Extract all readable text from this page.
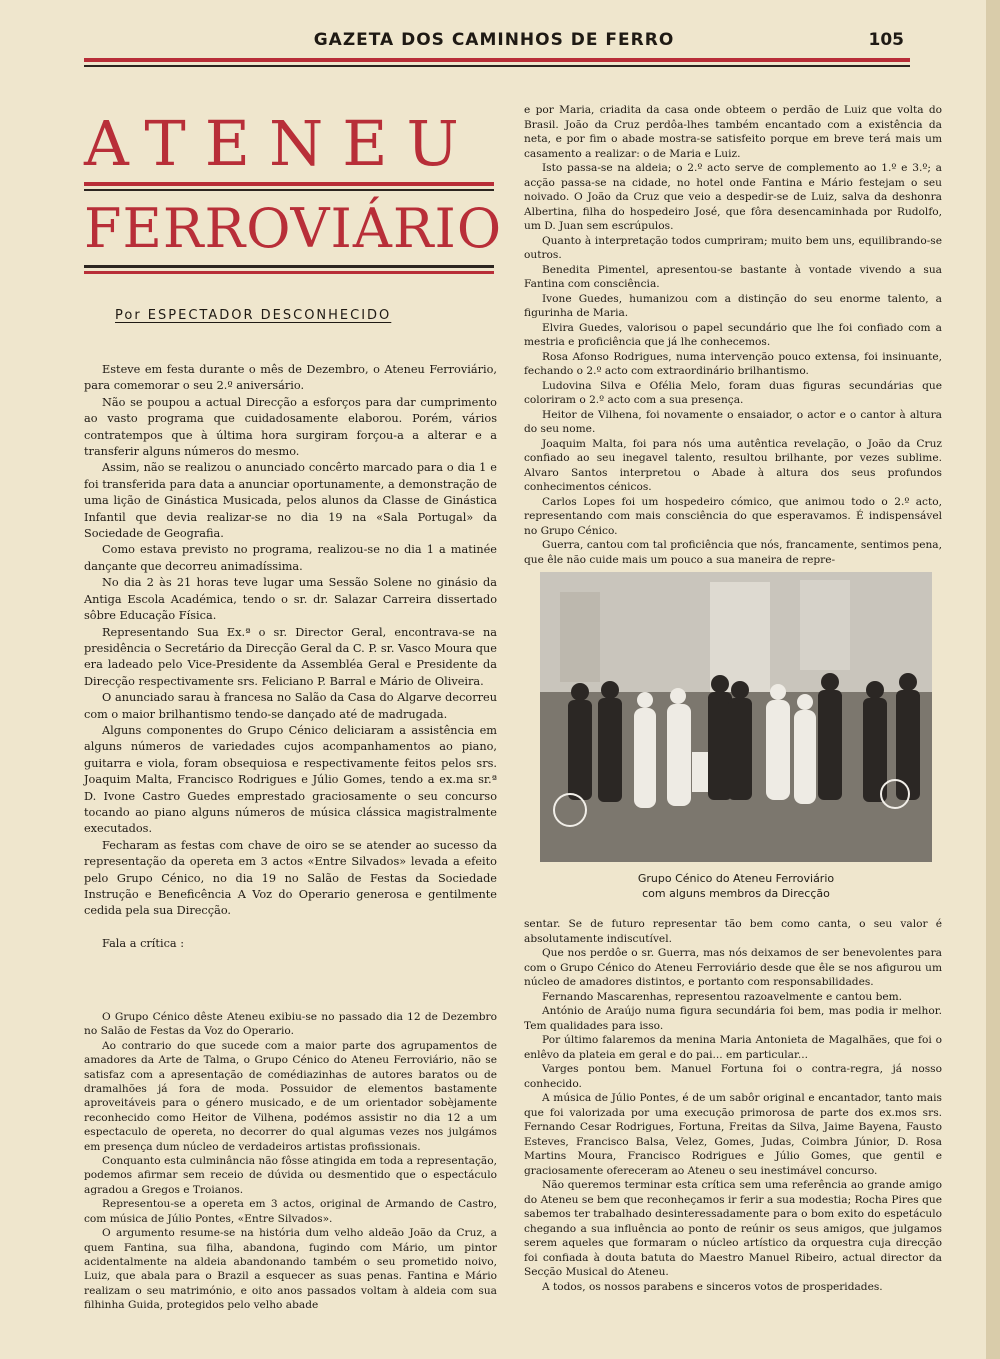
GAZETA DOS CAMINHOS DE FERRO	105
ATENEU
FERROVIÁRIO
Por ESPECTADOR DESCONHECIDO

Esteve em festa durante o mês de Dezembro, o Ateneu Ferroviário, para comemorar o seu 2.º aniversário.

Não se poupou a actual Direcção a esforços para dar cumprimento ao vasto programa que cuidadosamente elaborou. Porém, vários contratempos que à última hora surgiram forçou-a a alterar e a transferir alguns números do mesmo.

Assim, não se realizou o anunciado concêrto marcado para o dia 1 e foi transferida para data a anunciar oportunamente, a demonstração de uma lição de Ginástica Musicada, pelos alunos da Classe de Ginástica Infantil que devia realizar-se no dia 19 na «Sala Portugal» da Sociedade de Geografia.

Como estava previsto no programa, realizou-se no dia 1 a matinée dançante que decorreu animadíssima.

No dia 2 às 21 horas teve lugar uma Sessão Solene no ginásio da Antiga Escola Académica, tendo o sr. dr. Salazar Carreira dissertado sôbre Educação Física.

Representando Sua Ex.ª o sr. Director Geral, encontrava-se na presidência o Secretário da Direcção Geral da C. P. sr. Vasco Moura que era ladeado pelo Vice-Presidente da Assembléa Geral e Presidente da Direcção respectivamente srs. Feliciano P. Barral e Mário de Oliveira.

O anunciado sarau à francesa no Salão da Casa do Algarve decorreu com o maior brilhantismo tendo-se dançado até de madrugada.

Alguns componentes do Grupo Cénico deliciaram a assistência em alguns números de variedades cujos acompanhamentos ao piano, guitarra e viola, foram obsequiosa e respectivamente feitos pelos srs. Joaquim Malta, Francisco Rodrigues e Júlio Gomes, tendo a ex.ma sr.ª D. Ivone Castro Guedes emprestado graciosamente o seu concurso tocando ao piano alguns números de música clássica magistralmente executados.

Fecharam as festas com chave de oiro se se atender ao sucesso da representação da opereta em 3 actos «Entre Silvados» levada a efeito pelo Grupo Cénico, no dia 19 no Salão de Festas da Sociedade Instrução e Beneficência A Voz do Operario generosa e gentilmente cedida pela sua Direcção.

Fala a crítica :

O Grupo Cénico dêste Ateneu exibiu-se no passado dia 12 de Dezembro no Salão de Festas da Voz do Operario.

Ao contrario do que sucede com a maior parte dos agrupamentos de amadores da Arte de Talma, o Grupo Cénico do Ateneu Ferroviário, não se satisfaz com a apresentação de comédiazinhas de autores baratos ou de dramalhões já fora de moda. Possuidor de elementos bastamente aproveitáveis para o género musicado, e de um orientador sobèjamente reconhecido como Heitor de Vilhena, podémos assistir no dia 12 a um espectaculo de opereta, no decorrer do qual algumas vezes nos julgámos em presença dum núcleo de verdadeiros artistas profissionais.

Conquanto esta culminância não fôsse atingida em toda a representação, podemos afirmar sem receio de dúvida ou desmentido que o espectáculo agradou a Gregos e Troianos.

Representou-se a opereta em 3 actos, original de Armando de Castro, com música de Júlio Pontes, «Entre Silvados».

O argumento resume-se na história dum velho aldeão João da Cruz, a quem Fantina, sua filha, abandona, fugindo com Mário, um pintor acidentalmente na aldeia abandonando também o seu prometido noivo, Luiz, que abala para o Brazil a esquecer as suas penas. Fantina e Mário realizam o seu matrimónio, e oito anos passados voltam à aldeia com sua filhinha Guida, protegidos pelo velho abade

e por Maria, criadita da casa onde obteem o perdão de Luiz que volta do Brasil. João da Cruz perdôa-lhes também encantado com a existência da neta, e por fim o abade mostra-se satisfeito porque em breve terá mais um casamento a realizar: o de Maria e Luiz.

Isto passa-se na aldeia; o 2.º acto serve de complemento ao 1.º e 3.º; a acção passa-se na cidade, no hotel onde Fantina e Mário festejam o seu noivado. O João da Cruz que veio a despedir-se de Luiz, salva da deshonra Albertina, filha do hospedeiro José, que fôra desencaminhada por Rudolfo, um D. Juan sem escrúpulos.

Quanto à interpretação todos cumpriram; muito bem uns, equilibrando-se outros.

Benedita Pimentel, apresentou-se bastante à vontade vivendo a sua Fantina com consciência.

Ivone Guedes, humanizou com a distinção do seu enorme talento, a figurinha de Maria.

Elvira Guedes, valorisou o papel secundário que lhe foi confiado com a mestria e proficiência que já lhe conhecemos.

Rosa Afonso Rodrigues, numa intervenção pouco extensa, foi insinuante, fechando o 2.º acto com extraordinário brilhantismo.

Ludovina Silva e Ofélia Melo, foram duas figuras secundárias que coloriram o 2.º acto com a sua presença.

Heitor de Vilhena, foi novamente o ensaiador, o actor e o cantor à altura do seu nome.

Joaquim Malta, foi para nós uma autêntica revelação, o João da Cruz confiado ao seu inegavel talento, resultou brilhante, por vezes sublime. Alvaro Santos interpretou o Abade à altura dos seus profundos conhecimentos cénicos.

Carlos Lopes foi um hospedeiro cómico, que animou todo o 2.º acto, representando com mais consciência do que esperavamos. É indispensável no Grupo Cénico.

Guerra, cantou com tal proficiência que nós, francamente, sentimos pena, que êle não cuide mais um pouco a sua maneira de repre-

Grupo Cénico do Ateneu Ferroviário
com alguns membros da Direcção

sentar. Se de futuro representar tão bem como canta, o seu valor é absolutamente indiscutível.

Que nos perdôe o sr. Guerra, mas nós deixamos de ser benevolentes para com o Grupo Cénico do Ateneu Ferroviário desde que êle se nos afigurou um núcleo de amadores distintos, e portanto com responsabilidades.

Fernando Mascarenhas, representou razoavelmente e cantou bem.

António de Araújo numa figura secundária foi bem, mas podia ir melhor. Tem qualidades para isso.

Por último falaremos da menina Maria Antonieta de Magalhães, que foi o enlêvo da plateia em geral e do pai... em particular...

Varges pontou bem. Manuel Fortuna foi o contra-regra, já nosso conhecido.

A música de Júlio Pontes, é de um sabôr original e encantador, tanto mais que foi valorizada por uma execução primorosa de parte dos ex.mos srs. Fernando Cesar Rodrigues, Fortuna, Freitas da Silva, Jaime Bayena, Fausto Esteves, Francisco Balsa, Velez, Gomes, Judas, Coimbra Júnior, D. Rosa Martins Moura, Francisco Rodrigues e Júlio Gomes, que gentil e graciosamente ofereceram ao Ateneu o seu inestimável concurso.

Não queremos terminar esta crítica sem uma referência ao grande amigo do Ateneu se bem que reconheçamos ir ferir a sua modestia; Rocha Pires que sabemos ter trabalhado desinteressadamente para o bom exito do espetáculo chegando a sua influência ao ponto de reúnir os seus amigos, que julgamos serem aqueles que formaram o núcleo artístico da orquestra cuja direcção foi confiada à douta batuta do Maestro Manuel Ribeiro, actual director da Secção Musical do Ateneu.

A todos, os nossos parabens e sinceros votos de prosperidades.
